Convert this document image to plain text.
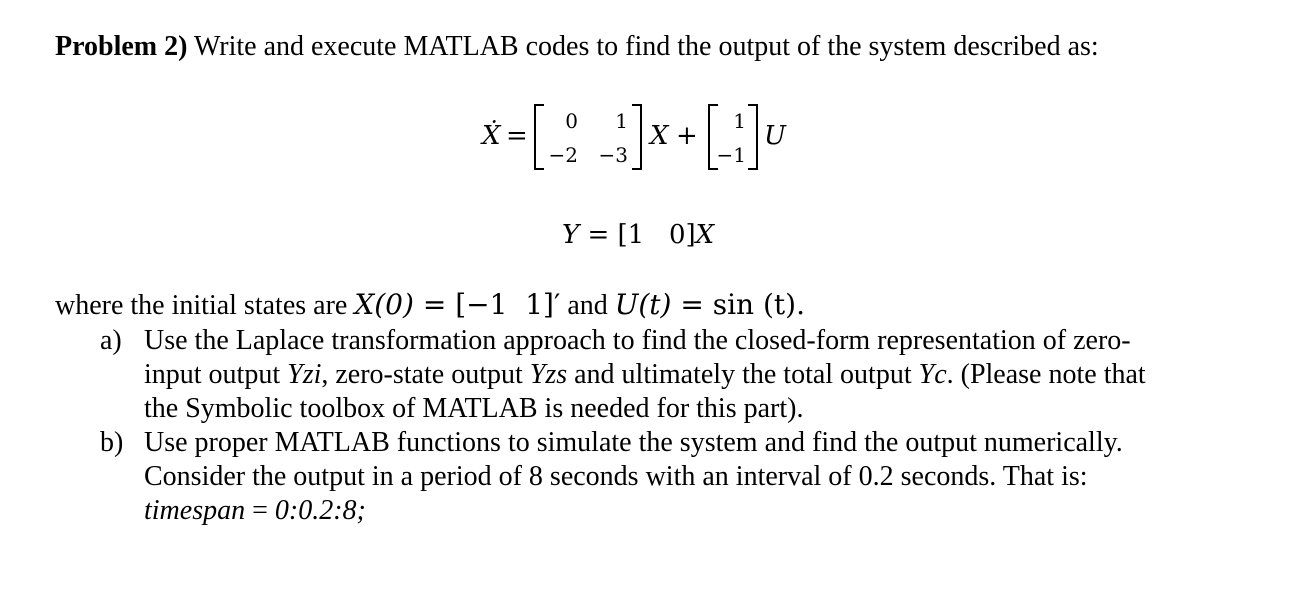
Problem 2) Write and execute MATLAB codes to find the output of the system described as:
Ẋ =	0	1
−2	−3
X +	1
−1
U
Y = [1   0]X
where the initial states are X(0) = [−1  1]′ and U(t) = sin (t).
a) Use the Laplace transformation approach to find the closed-form representation of zero-
input output Yzi, zero-state output Yzs and ultimately the total output Yc. (Please note that
the Symbolic toolbox of MATLAB is needed for this part).
b) Use proper MATLAB functions to simulate the system and find the output numerically.
Consider the output in a period of 8 seconds with an interval of 0.2 seconds. That is:
timespan = 0:0.2:8;
